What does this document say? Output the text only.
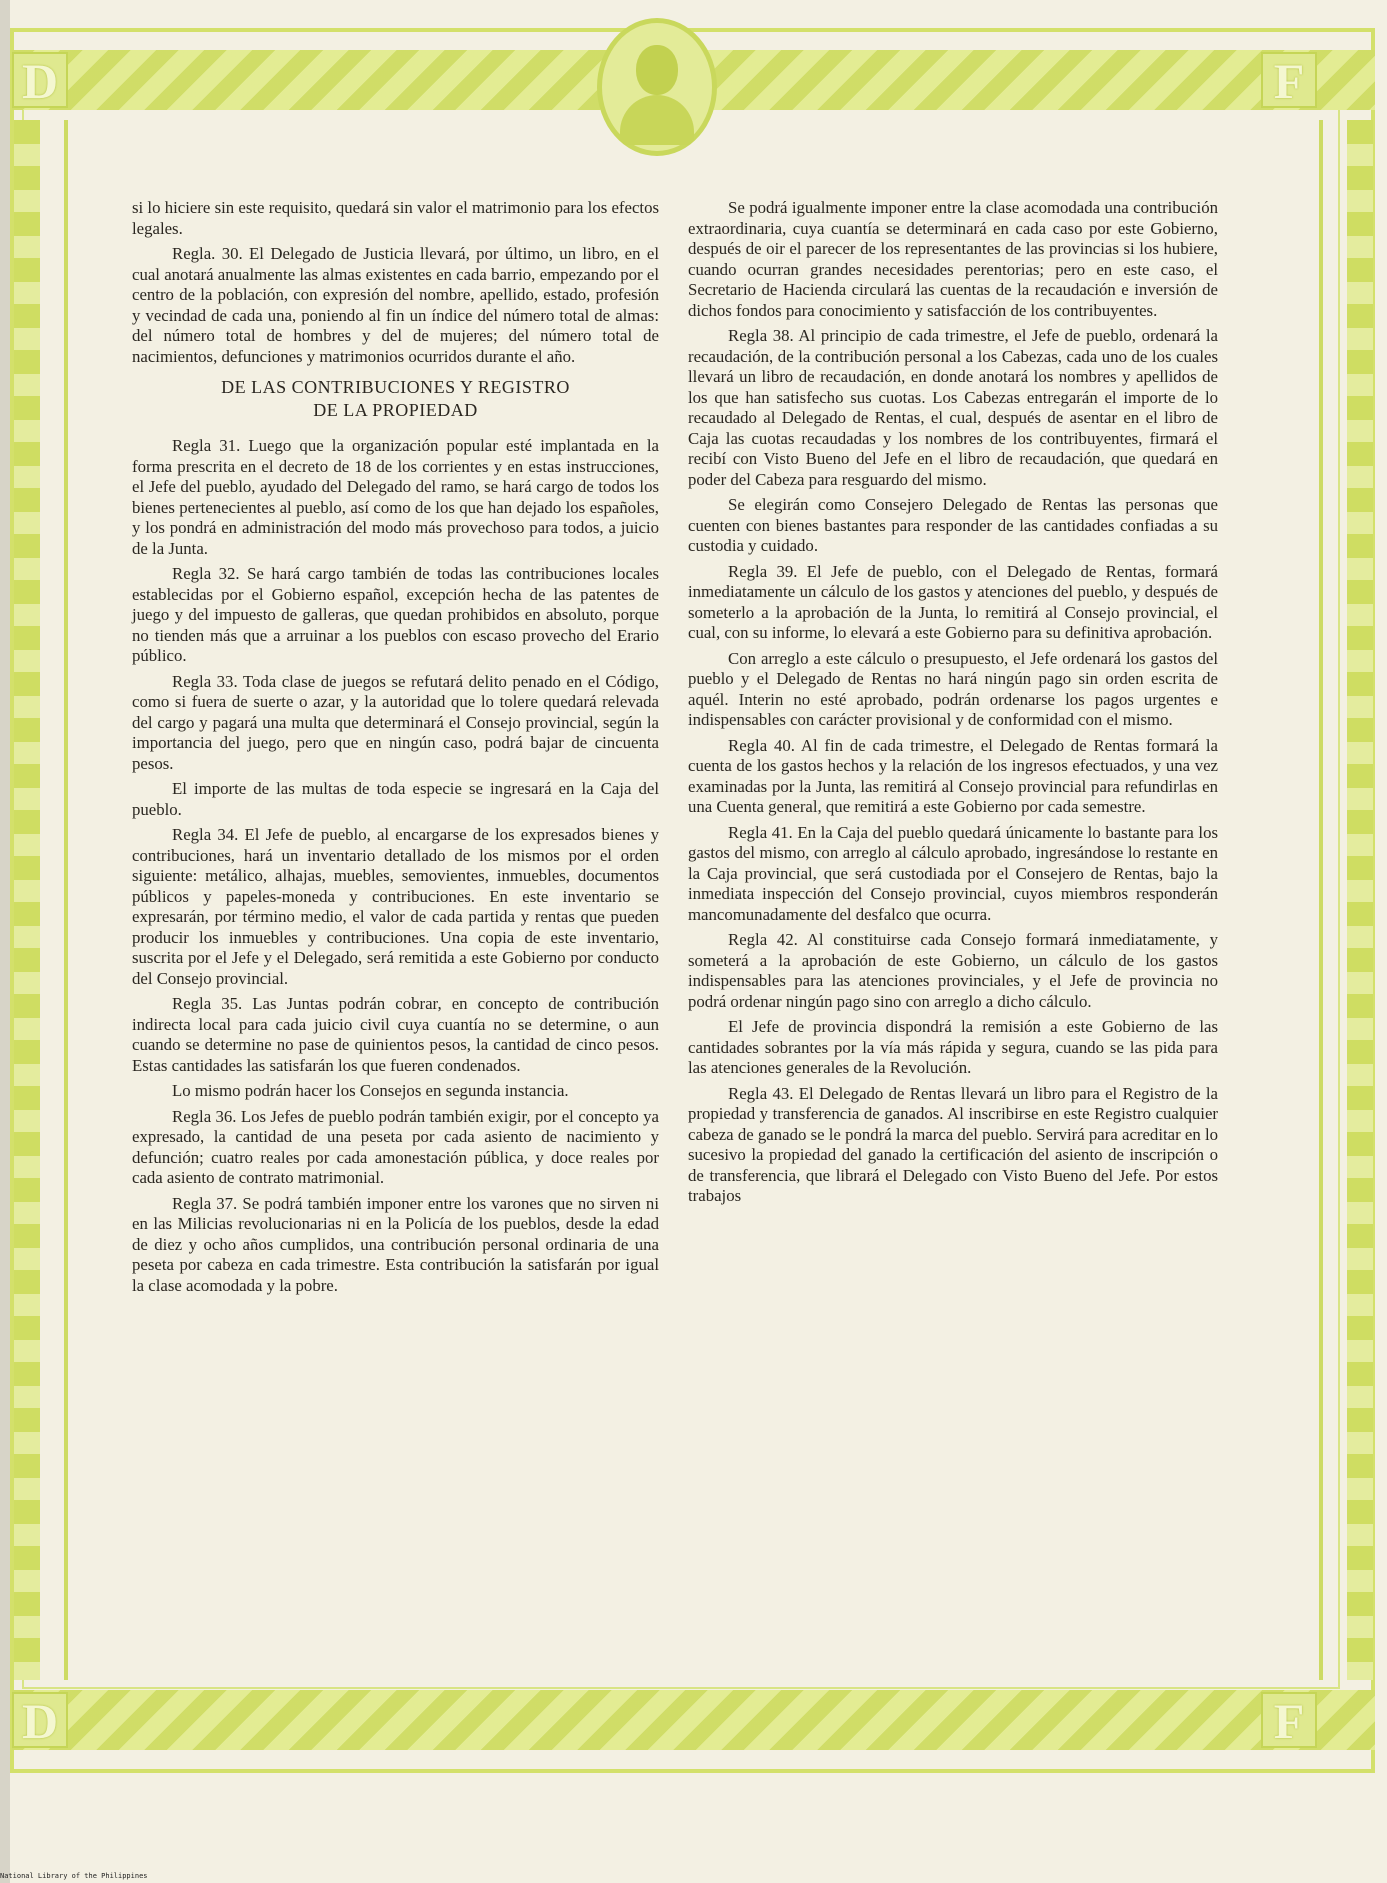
D	F
D	F

si lo hiciere sin este requisito, quedará sin valor el matrimonio para los efectos legales.

Regla. 30. El Delegado de Justicia llevará, por último, un libro, en el cual anotará anualmente las almas existentes en cada barrio, empezando por el centro de la población, con expresión del nombre, apellido, estado, profesión y vecindad de cada una, poniendo al fin un índice del número total de almas: del número total de hombres y del de mujeres; del número total de nacimientos, defunciones y matrimonios ocurridos durante el año.

DE LAS CONTRIBUCIONES Y REGISTRO
DE LA PROPIEDAD

Regla 31. Luego que la organización popular esté implantada en la forma prescrita en el decreto de 18 de los corrientes y en estas instrucciones, el Jefe del pueblo, ayudado del Delegado del ramo, se hará cargo de todos los bienes pertenecientes al pueblo, así como de los que han dejado los españoles, y los pondrá en administración del modo más provechoso para todos, a juicio de la Junta.

Regla 32. Se hará cargo también de todas las contribuciones locales establecidas por el Gobierno español, excepción hecha de las patentes de juego y del impuesto de galleras, que quedan prohibidos en absoluto, porque no tienden más que a arruinar a los pueblos con escaso provecho del Erario público.

Regla 33. Toda clase de juegos se refutará delito penado en el Código, como si fuera de suerte o azar, y la autoridad que lo tolere quedará relevada del cargo y pagará una multa que determinará el Consejo provincial, según la importancia del juego, pero que en ningún caso, podrá bajar de cincuenta pesos.

El importe de las multas de toda especie se ingresará en la Caja del pueblo.

Regla 34. El Jefe de pueblo, al encargarse de los expresados bienes y contribuciones, hará un inventario detallado de los mismos por el orden siguiente: metálico, alhajas, muebles, semovientes, inmuebles, documentos públicos y papeles-moneda y contribuciones. En este inventario se expresarán, por término medio, el valor de cada partida y rentas que pueden producir los inmuebles y contribuciones. Una copia de este inventario, suscrita por el Jefe y el Delegado, será remitida a este Gobierno por conducto del Consejo provincial.

Regla 35. Las Juntas podrán cobrar, en concepto de contribución indirecta local para cada juicio civil cuya cuantía no se determine, o aun cuando se determine no pase de quinientos pesos, la cantidad de cinco pesos. Estas cantidades las satisfarán los que fueren condenados.

Lo mismo podrán hacer los Consejos en segunda instancia.

Regla 36. Los Jefes de pueblo podrán también exigir, por el concepto ya expresado, la cantidad de una peseta por cada asiento de nacimiento y defunción; cuatro reales por cada amonestación pública, y doce reales por cada asiento de contrato matrimonial.

Regla 37. Se podrá también imponer entre los varones que no sirven ni en las Milicias revolucionarias ni en la Policía de los pueblos, desde la edad de diez y ocho años cumplidos, una contribución personal ordinaria de una peseta por cabeza en cada trimestre. Esta contribución la satisfarán por igual la clase acomodada y la pobre.

Se podrá igualmente imponer entre la clase acomodada una contribución extraordinaria, cuya cuantía se determinará en cada caso por este Gobierno, después de oir el parecer de los representantes de las provincias si los hubiere, cuando ocurran grandes necesidades perentorias; pero en este caso, el Secretario de Hacienda circulará las cuentas de la recaudación e inversión de dichos fondos para conocimiento y satisfacción de los contribuyentes.

Regla 38. Al principio de cada trimestre, el Jefe de pueblo, ordenará la recaudación, de la contribución personal a los Cabezas, cada uno de los cuales llevará un libro de recaudación, en donde anotará los nombres y apellidos de los que han satisfecho sus cuotas. Los Cabezas entregarán el importe de lo recaudado al Delegado de Rentas, el cual, después de asentar en el libro de Caja las cuotas recaudadas y los nombres de los contribuyentes, firmará el recibí con Visto Bueno del Jefe en el libro de recaudación, que quedará en poder del Cabeza para resguardo del mismo.

Se elegirán como Consejero Delegado de Rentas las personas que cuenten con bienes bastantes para responder de las cantidades confiadas a su custodia y cuidado.

Regla 39. El Jefe de pueblo, con el Delegado de Rentas, formará inmediatamente un cálculo de los gastos y atenciones del pueblo, y después de someterlo a la aprobación de la Junta, lo remitirá al Consejo provincial, el cual, con su informe, lo elevará a este Gobierno para su definitiva aprobación.

Con arreglo a este cálculo o presupuesto, el Jefe ordenará los gastos del pueblo y el Delegado de Rentas no hará ningún pago sin orden escrita de aquél. Interin no esté aprobado, podrán ordenarse los pagos urgentes e indispensables con carácter provisional y de conformidad con el mismo.

Regla 40. Al fin de cada trimestre, el Delegado de Rentas formará la cuenta de los gastos hechos y la relación de los ingresos efectuados, y una vez examinadas por la Junta, las remitirá al Consejo provincial para refundirlas en una Cuenta general, que remitirá a este Gobierno por cada semestre.

Regla 41. En la Caja del pueblo quedará únicamente lo bastante para los gastos del mismo, con arreglo al cálculo aprobado, ingresándose lo restante en la Caja provincial, que será custodiada por el Consejero de Rentas, bajo la inmediata inspección del Consejo provincial, cuyos miembros responderán mancomunadamente del desfalco que ocurra.

Regla 42. Al constituirse cada Consejo formará inmediatamente, y someterá a la aprobación de este Gobierno, un cálculo de los gastos indispensables para las atenciones provinciales, y el Jefe de provincia no podrá ordenar ningún pago sino con arreglo a dicho cálculo.

El Jefe de provincia dispondrá la remisión a este Gobierno de las cantidades sobrantes por la vía más rápida y segura, cuando se las pida para las atenciones generales de la Revolución.

Regla 43. El Delegado de Rentas llevará un libro para el Registro de la propiedad y transferencia de ganados. Al inscribirse en este Registro cualquier cabeza de ganado se le pondrá la marca del pueblo. Servirá para acreditar en lo sucesivo la propiedad del ganado la certificación del asiento de inscripción o de transferencia, que librará el Delegado con Visto Bueno del Jefe. Por estos trabajos

National Library of the Philippines
